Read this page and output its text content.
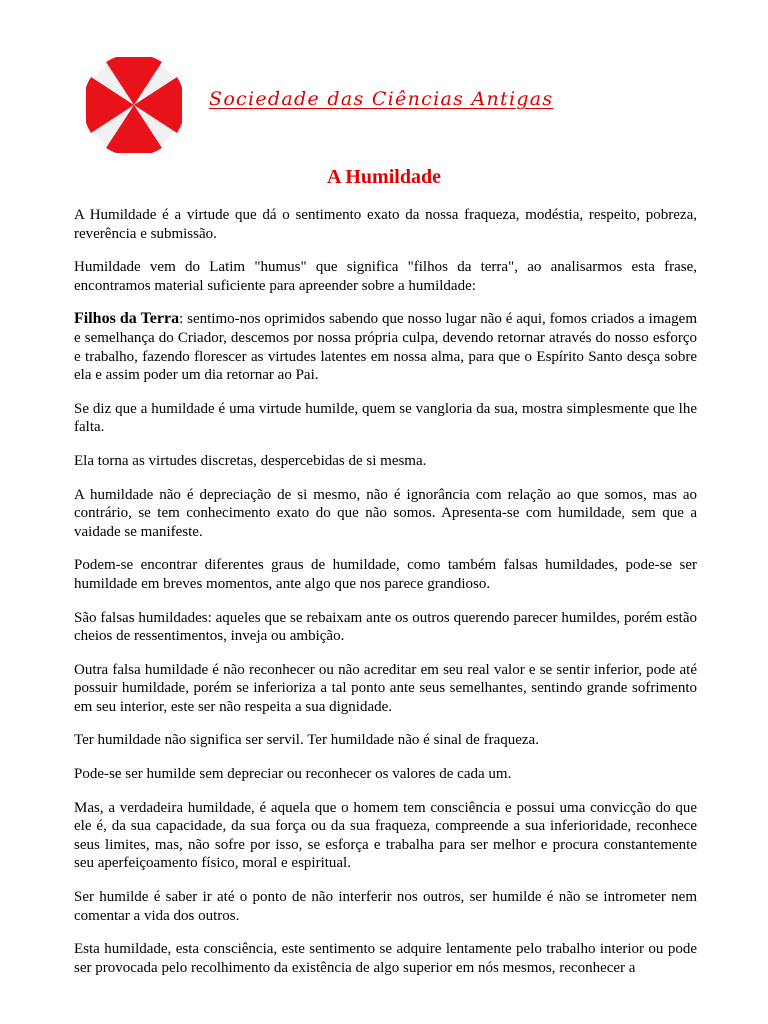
Sociedade das Ciências Antigas
A Humildade

A Humildade é a virtude que dá o sentimento exato da nossa fraqueza, modéstia, respeito, pobreza, reverência e submissão.

Humildade vem do Latim "humus" que significa "filhos da terra", ao analisarmos esta frase, encontramos material suficiente para apreender sobre a humildade:

Filhos da Terra: sentimo-nos oprimidos sabendo que nosso lugar não é aqui, fomos criados a imagem e semelhança do Criador, descemos por nossa própria culpa, devendo retornar através do nosso esforço e trabalho, fazendo florescer as virtudes latentes em nossa alma, para que o Espírito Santo desça sobre ela e assim poder um dia retornar ao Pai.

Se diz que a humildade é uma virtude humilde, quem se vangloria da sua, mostra simplesmente que lhe falta.

Ela torna as virtudes discretas, despercebidas de si mesma.

A humildade não é depreciação de si mesmo, não é ignorância com relação ao que somos, mas ao contrário, se tem conhecimento exato do que não somos. Apresenta-se com humildade, sem que a vaidade se manifeste.

Podem-se encontrar diferentes graus de humildade, como também falsas humildades, pode-se ser humildade em breves momentos, ante algo que nos parece grandioso.

São falsas humildades: aqueles que se rebaixam ante os outros querendo parecer humildes, porém estão cheios de ressentimentos, inveja ou ambição.

Outra falsa humildade é não reconhecer ou não acreditar em seu real valor e se sentir inferior, pode até possuir humildade, porém se inferioriza a tal ponto ante seus semelhantes, sentindo grande sofrimento em seu interior, este ser não respeita a sua dignidade.

Ter humildade não significa ser servil. Ter humildade não é sinal de fraqueza.

Pode-se ser humilde sem depreciar ou reconhecer os valores de cada um.

Mas, a verdadeira humildade, é aquela que o homem tem consciência e possui uma convicção do que ele é, da sua capacidade, da sua força ou da sua fraqueza, compreende a sua inferioridade, reconhece seus limites, mas, não sofre por isso, se esforça e trabalha para ser melhor e procura constantemente seu aperfeiçoamento físico, moral e espiritual.

Ser humilde é saber ir até o ponto de não interferir nos outros, ser humilde é não se intrometer nem comentar a vida dos outros.

Esta humildade, esta consciência, este sentimento se adquire lentamente pelo trabalho interior ou pode ser provocada pelo recolhimento da existência de algo superior em nós mesmos, reconhecer a
